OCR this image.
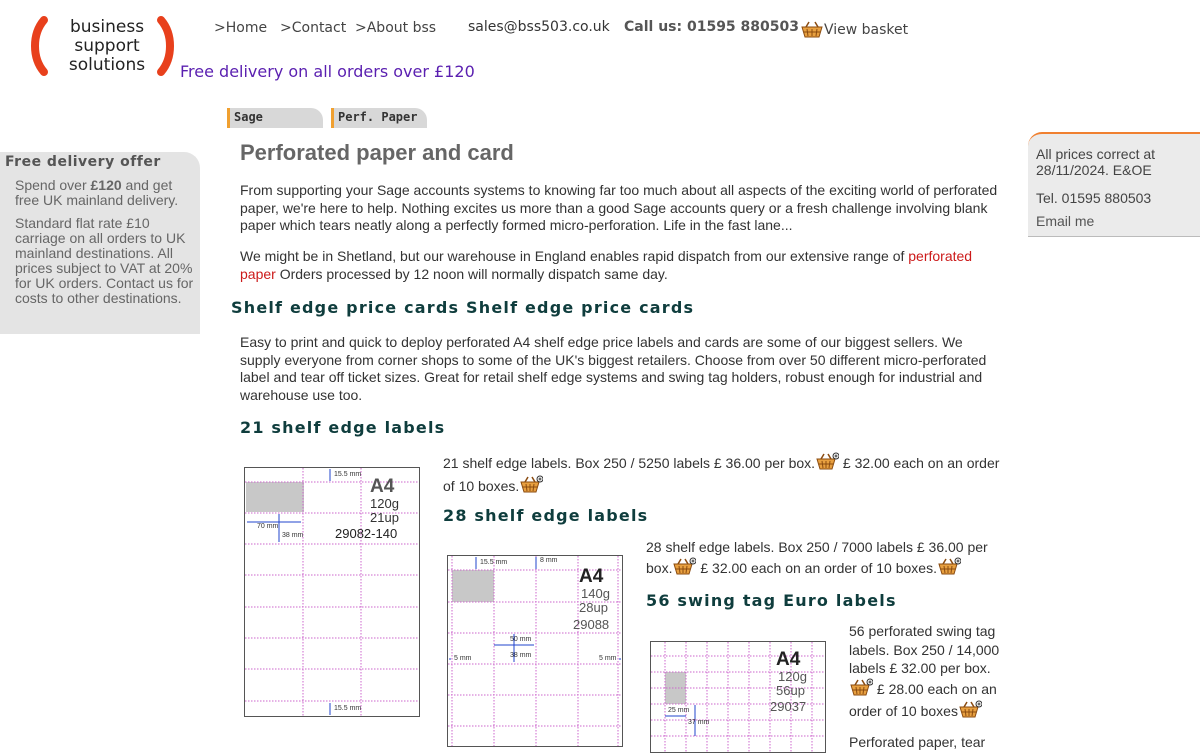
business
support
solutions
>Home >Contact >About bss sales@bss503.co.uk Call us: 01595 880503 View basket
Free delivery on all orders over £120
Sage	Perf. Paper
Free delivery offer

Spend over £120 and get free UK mainland delivery.

Standard flat rate £10 carriage on all orders to UK mainland destinations. All prices subject to VAT at 20% for UK orders. Contact us for costs to other destinations.

All prices correct at 28/11/2024. E&OE
Tel. 01595 880503
Email me
Perforated paper and card
From supporting your Sage accounts systems to knowing far too much about all aspects of the exciting world of perforated paper, we're here to help. Nothing excites us more than a good Sage accounts query or a fresh challenge involving blank paper which tears neatly along a perfectly formed micro-perforation. Life in the fast lane...
We might be in Shetland, but our warehouse in England enables rapid dispatch from our extensive range of perforated paper Orders processed by 12 noon will normally dispatch same day.
Shelf edge price cards Shelf edge price cards
Easy to print and quick to deploy perforated A4 shelf edge price labels and cards are some of our biggest sellers. We supply everyone from corner shops to some of the UK's biggest retailers. Choose from over 50 different micro-perforated label and tear off ticket sizes. Great for retail shelf edge systems and swing tag holders, robust enough for industrial and warehouse use too.
21 shelf edge labels
15.5 mm
70 mm
38 mm
15.5 mm
A4
120g
21up
29082-140
21 shelf edge labels. Box 250 / 5250 labels £ 36.00 per box. £ 32.00 each on an order of 10 boxes.
28 shelf edge labels
15.5 mm	8 mm
50 mm
38 mm
5 mm	5 mm
A4
140g
28up
29088
28 shelf edge labels. Box 250 / 7000 labels £ 36.00 per box. £ 32.00 each on an order of 10 boxes.
56 swing tag Euro labels
25 mm
37 mm
A4
120g
56up
29037
56 perforated swing tag labels. Box 250 / 14,000 labels £ 32.00 per box. £ 28.00 each on an order of 10 boxes
Perforated paper, tear
